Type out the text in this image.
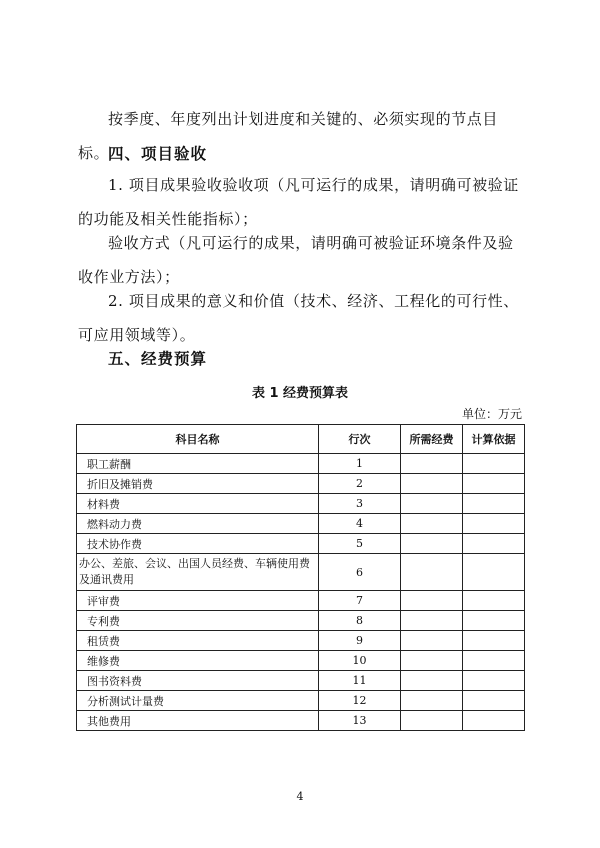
按季度、年度列出计划进度和关键的、必须实现的节点目标。

四、项目验收

1. 项目成果验收验收项（凡可运行的成果，请明确可被验证的功能及相关性能指标）；

验收方式（凡可运行的成果，请明确可被验证环境条件及验收作业方法）；

2. 项目成果的意义和价值（技术、经济、工程化的可行性、可应用领域等）。

五、经费预算

表 1 经费预算表
单位：万元
科目名称	行次	所需经费	计算依据
职工薪酬	1		
折旧及摊销费	2		
材料费	3		
燃料动力费	4		
技术协作费	5		
办公、差旅、会议、出国人员经费、车辆使用费及通讯费用	6		
评审费	7		
专利费	8		
租赁费	9		
维修费	10		
图书资料费	11		
分析测试计量费	12		
其他费用	13		
4
